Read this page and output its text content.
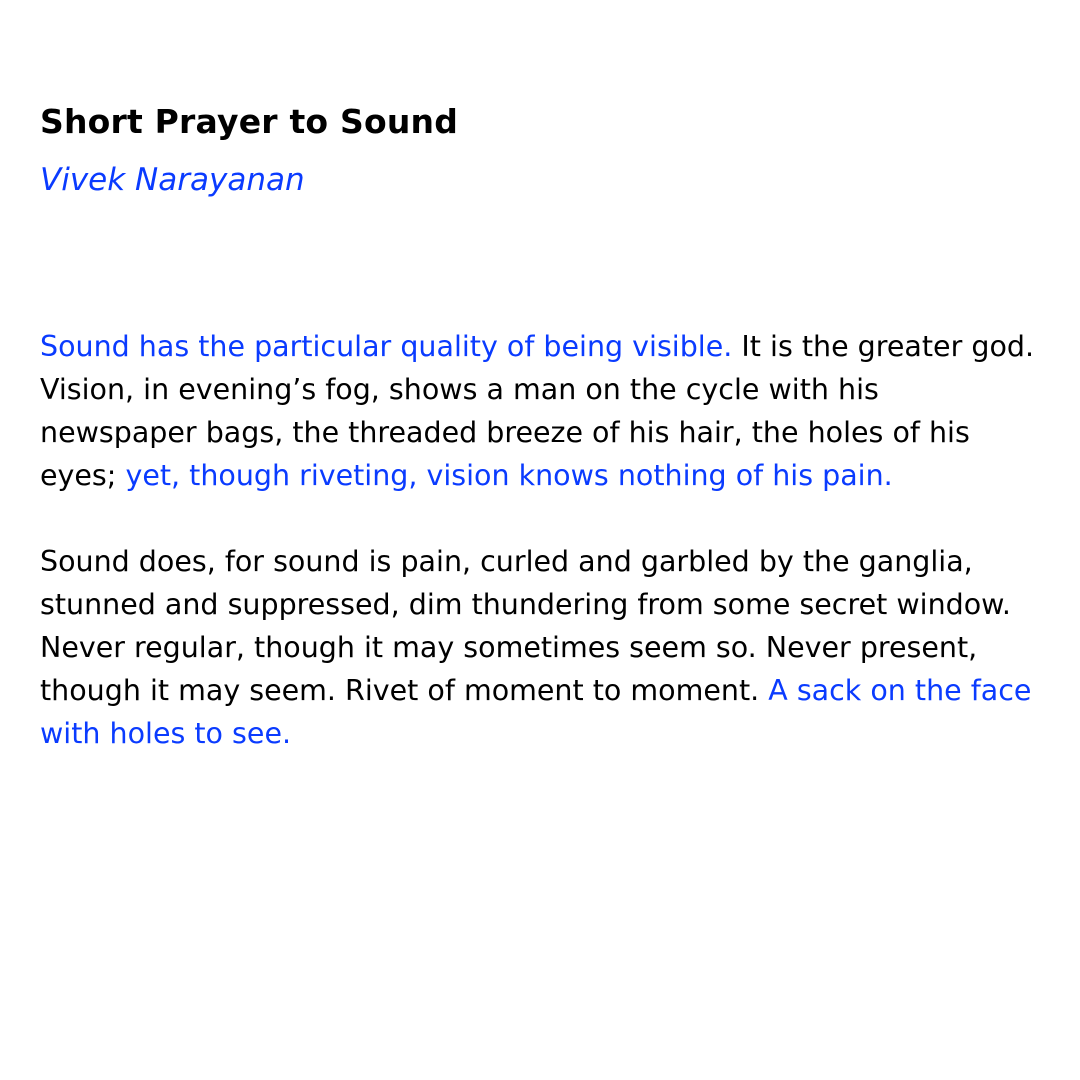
Short Prayer to Sound
Vivek Narayanan

Sound has the particular quality of being visible. It is the greater god. Vision, in evening’s fog, shows a man on the cycle with his newspaper bags, the threaded breeze of his hair, the holes of his eyes; yet, though riveting, vision knows nothing of his pain.

Sound does, for sound is pain, curled and garbled by the ganglia, stunned and suppressed, dim thundering from some secret window. Never regular, though it may sometimes seem so. Never present, though it may seem. Rivet of moment to moment. A sack on the face with holes to see.
